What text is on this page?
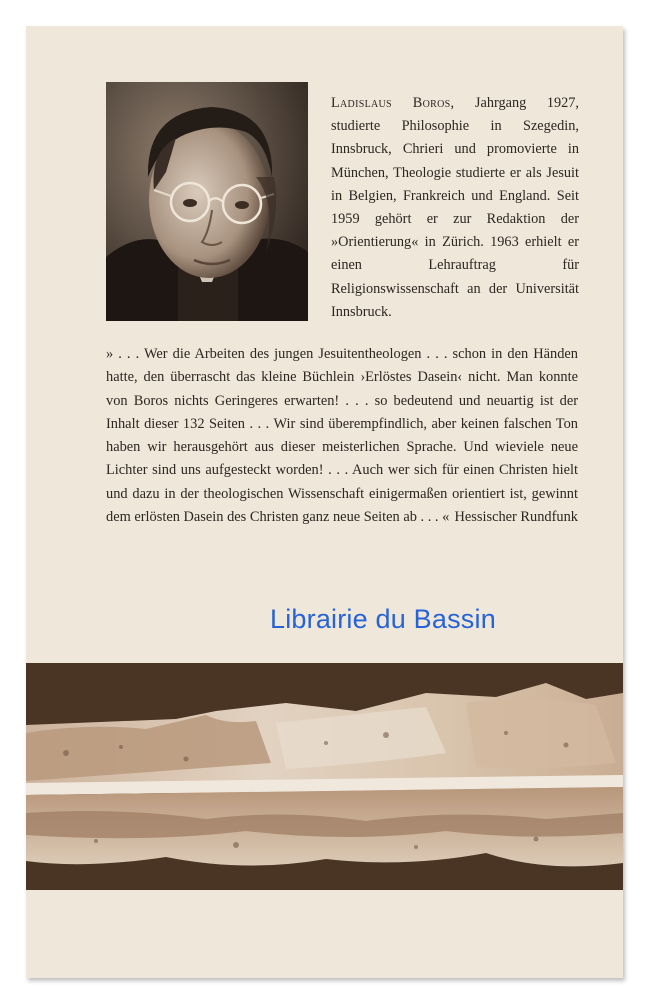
Ladislaus Boros, Jahrgang 1927, studierte Philosophie in Szegedin, Innsbruck, Chrieri und promovierte in München, Theologie studierte er als Jesuit in Belgien, Frankreich und England. Seit 1959 gehört er zur Redaktion der »Orientierung« in Zürich. 1963 erhielt er einen Lehrauftrag für Religionswissenschaft an der Universität Innsbruck.

» . . . Wer die Arbeiten des jungen Jesuitentheologen . . . schon in den Händen hatte, den überrascht das kleine Büchlein ›Erlöstes Dasein‹ nicht. Man konnte von Boros nichts Geringeres erwarten! . . . so bedeutend und neuartig ist der Inhalt dieser 132 Seiten . . . Wir sind überempfindlich, aber keinen falschen Ton haben wir herausgehört aus dieser meisterlichen Sprache. Und wieviele neue Lichter sind uns aufgesteckt worden! . . . Auch wer sich für einen Christen hielt und dazu in der theologischen Wissenschaft einigermaßen orientiert ist, gewinnt dem erlösten Dasein des Christen ganz neue Seiten ab . . . « Hessischer Rundfunk

Librairie du Bassin
